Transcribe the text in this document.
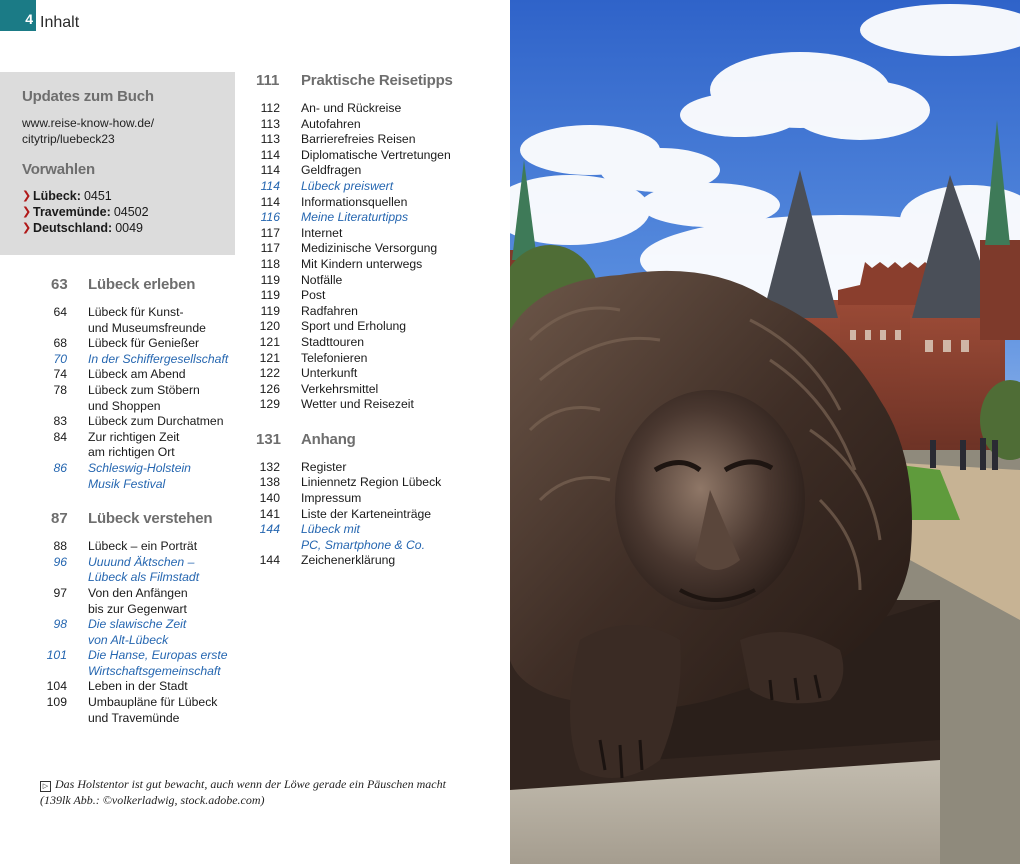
4 Inhalt
Updates zum Buch
www.reise-know-how.de/
citytrip/luebeck23
Vorwahlen
❯ Lübeck: 0451
❯ Travemünde: 04502
❯ Deutschland: 0049
63	Lübeck erleben
64 Lübeck für Kunst-
und Museumsfreunde
68 Lübeck für Genießer
70 In der Schiffergesellschaft
74 Lübeck am Abend
78 Lübeck zum Stöbern
und Shoppen
83 Lübeck zum Durchatmen
84 Zur richtigen Zeit
am richtigen Ort
86 Schleswig-Holstein
Musik Festival
87	Lübeck verstehen
88 Lübeck – ein Porträt
96 Uuuund Äktschen –
Lübeck als Filmstadt
97 Von den Anfängen
bis zur Gegenwart
98 Die slawische Zeit
von Alt-Lübeck
101 Die Hanse, Europas erste
Wirtschaftsgemeinschaft
104 Leben in der Stadt
109 Umbaupläne für Lübeck
und Travemünde
111	Praktische Reisetipps
112 An- und Rückreise
113 Autofahren
113 Barrierefreies Reisen
114 Diplomatische Vertretungen
114 Geldfragen
114 Lübeck preiswert
114 Informationsquellen
116 Meine Literaturtipps
117 Internet
117 Medizinische Versorgung
118 Mit Kindern unterwegs
119 Notfälle
119 Post
119 Radfahren
120 Sport und Erholung
121 Stadttouren
121 Telefonieren
122 Unterkunft
126 Verkehrsmittel
129 Wetter und Reisezeit
131	Anhang
132 Register
138 Liniennetz Region Lübeck
140 Impressum
141 Liste der Karteneinträge
144 Lübeck mit
PC, Smartphone & Co.
144 Zeichenerklärung
▷ Das Holstentor ist gut bewacht, auch wenn der Löwe gerade ein Päuschen macht (139lk Abb.: ©volkerladwig, stock.adobe.com)
